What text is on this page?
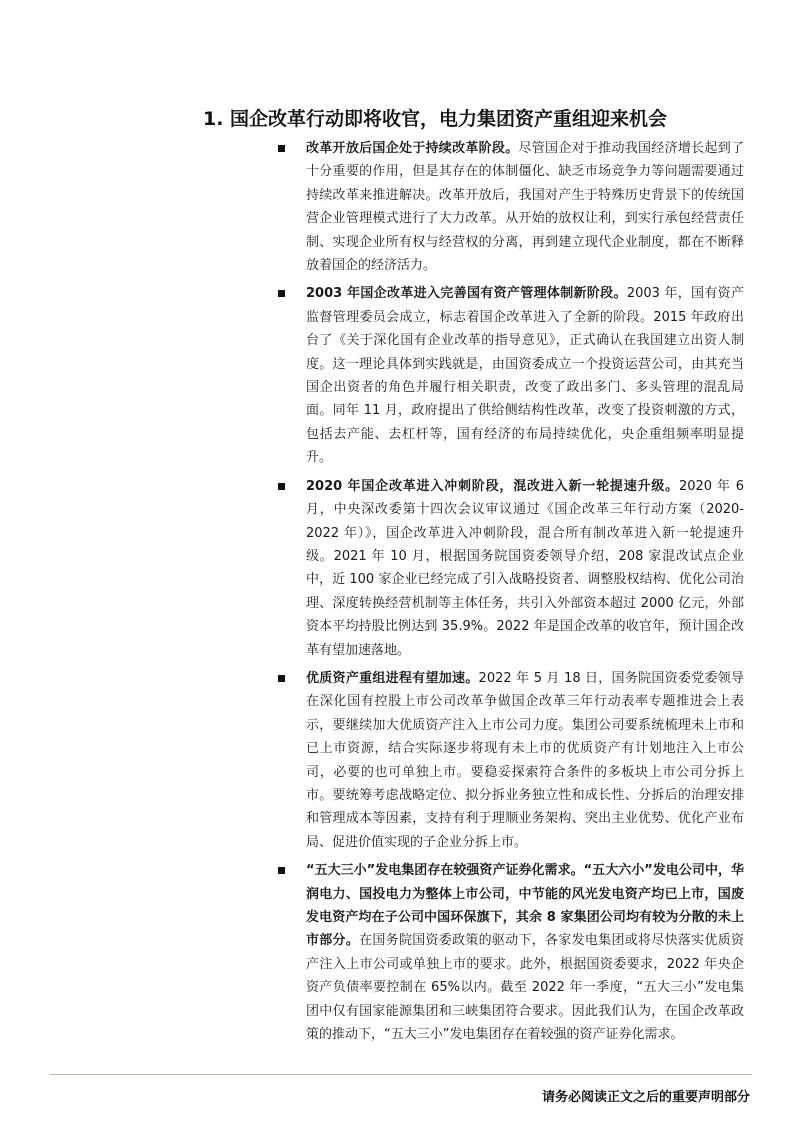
1. 国企改革行动即将收官，电力集团资产重组迎来机会
改革开放后国企处于持续改革阶段。尽管国企对于推动我国经济增长起到了十分重要的作用，但是其存在的体制僵化、缺乏市场竞争力等问题需要通过持续改革来推进解决。改革开放后，我国对产生于特殊历史背景下的传统国营企业管理模式进行了大力改革。从开始的放权让利，到实行承包经营责任制、实现企业所有权与经营权的分离，再到建立现代企业制度，都在不断释放着国企的经济活力。
2003 年国企改革进入完善国有资产管理体制新阶段。2003 年，国有资产监督管理委员会成立，标志着国企改革进入了全新的阶段。2015 年政府出台了《关于深化国有企业改革的指导意见》，正式确认在我国建立出资人制度。这一理论具体到实践就是，由国资委成立一个投资运营公司，由其充当国企出资者的角色并履行相关职责，改变了政出多门、多头管理的混乱局面。同年 11 月，政府提出了供给侧结构性改革，改变了投资刺激的方式，包括去产能、去杠杆等，国有经济的布局持续优化，央企重组频率明显提升。
2020 年国企改革进入冲刺阶段，混改进入新一轮提速升级。2020 年 6 月，中央深改委第十四次会议审议通过《国企改革三年行动方案（2020-2022 年）》，国企改革进入冲刺阶段，混合所有制改革进入新一轮提速升级。2021 年 10 月，根据国务院国资委领导介绍，208 家混改试点企业中，近 100 家企业已经完成了引入战略投资者、调整股权结构、优化公司治理、深度转换经营机制等主体任务，共引入外部资本超过 2000 亿元，外部资本平均持股比例达到 35.9%。2022 年是国企改革的收官年，预计国企改革有望加速落地。
优质资产重组进程有望加速。2022 年 5 月 18 日，国务院国资委党委领导在深化国有控股上市公司改革争做国企改革三年行动表率专题推进会上表示，要继续加大优质资产注入上市公司力度。集团公司要系统梳理未上市和已上市资源，结合实际逐步将现有未上市的优质资产有计划地注入上市公司，必要的也可单独上市。要稳妥探索符合条件的多板块上市公司分拆上市。要统筹考虑战略定位、拟分拆业务独立性和成长性、分拆后的治理安排和管理成本等因素，支持有利于理顺业务架构、突出主业优势、优化产业布局、促进价值实现的子企业分拆上市。
“五大三小”发电集团存在较强资产证券化需求。“五大六小”发电公司中，华润电力、国投电力为整体上市公司，中节能的风光发电资产均已上市，国废发电资产均在子公司中国环保旗下，其余 8 家集团公司均有较为分散的未上市部分。在国务院国资委政策的驱动下，各家发电集团或将尽快落实优质资产注入上市公司或单独上市的要求。此外，根据国资委要求，2022 年央企资产负债率要控制在 65%以内。截至 2022 年一季度，“五大三小”发电集团中仅有国家能源集团和三峡集团符合要求。因此我们认为，在国企改革政策的推动下，“五大三小”发电集团存在着较强的资产证券化需求。
请务必阅读正文之后的重要声明部分
